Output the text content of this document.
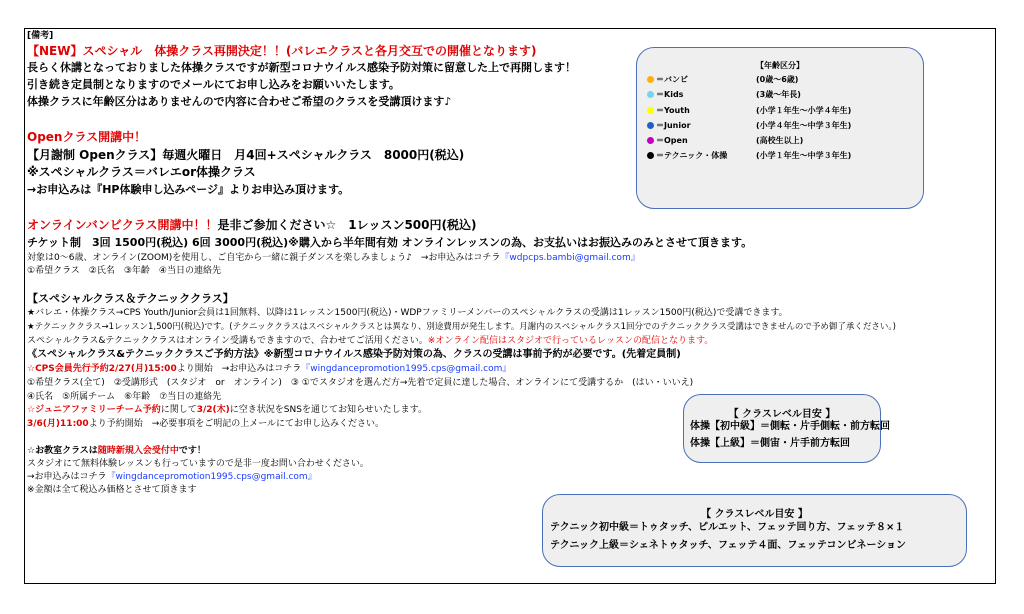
[備考]
【NEW】スペシャル　体操クラス再開決定！！(バレエクラスと各月交互での開催となります)
長らく休講となっておりました体操クラスですが新型コロナウイルス感染予防対策に留意した上で再開します！
引き続き定員制となりますのでメールにてお申し込みをお願いいたします。
体操クラスに年齢区分はありませんので内容に合わせご希望のクラスを受講頂けます♪
Openクラス開講中！
【月謝制 Openクラス】毎週火曜日　月4回+スペシャルクラス　8000円(税込)
※スペシャルクラス＝バレエor体操クラス
→お申込みは『HP体験申し込みページ』よりお申込み頂けます。
オンラインバンビクラス開講中！！是非ご参加ください☆　1レッスン500円(税込)
チケット制　3回 1500円(税込) 6回 3000円(税込)※購入から半年間有効 オンラインレッスンの為、お支払いはお振込みのみとさせて頂きます。
対象は0～6歳、オンライン(ZOOM)を使用し、ご自宅から一緒に親子ダンスを楽しみましょう♪　→お申込みはコチラ『wdpcps.bambi@gmail.com』
①希望クラス　②氏名　③年齢　④当日の連絡先
【スペシャルクラス＆テクニッククラス】
★バレエ・体操クラス→CPS Youth/Junior会員は1回無料、以降は1レッスン1500円(税込)・WDPファミリーメンバーのスペシャルクラスの受講は1レッスン1500円(税込)で受講できます。
★テクニッククラス→1レッスン1,500円(税込)です。(テクニッククラスはスペシャルクラスとは異なり、別途費用が発生します。月謝内のスペシャルクラス1回分でのテクニッククラス受講はできませんので予め御了承ください。)
スペシャルクラス&テクニッククラスはオンライン受講もできますので、合わせてご活用ください。※オンライン配信はスタジオで行っているレッスンの配信となります。
《スペシャルクラス&テクニッククラスご予約方法》※新型コロナウイルス感染予防対策の為、クラスの受講は事前予約が必要です。(先着定員制)
☆CPS会員先行予約2/27(月)15:00より開始　→お申込みはコチラ『wingdancepromotion1995.cps@gmail.com』
①希望クラス(全て)　②受講形式　(スタジオ　or　オンライン)　③ ①でスタジオを選んだ方→先着で定員に達した場合、オンラインにて受講するか　(はい・いいえ)
④氏名　⑤所属チーム　⑥年齢　⑦当日の連絡先
☆ジュニアファミリーチーム予約に関して3/2(木)に空き状況をSNSを通じてお知らせいたします。
3/6(月)11:00より予約開始　→必要事項をご明記の上メールにてお申し込みください。
☆お教室クラスは随時新規入会受付中です！
スタジオにて無料体験レッスンも行っていますので是非一度お問い合わせください。
→お申込みはコチラ『wingdancepromotion1995.cps@gmail.com』
※金額は全て税込み価格とさせて頂きます
【年齢区分】
＝バンビ	(0歳～6歳)
＝Kids	(3歳～年長)
＝Youth	(小学１年生～小学４年生)
＝Junior	(小学４年生～中学３年生)
＝Open	(高校生以上)
＝テクニック・体操	(小学１年生～中学３年生)
【 クラスレベル目安 】
体操【初中級】＝側転・片手側転・前方転回
体操【上級】＝側宙・片手前方転回
【 クラスレベル目安 】
テクニック初中級＝トゥタッチ、ピルエット、フェッテ回り方、フェッテ８×１
テクニック上級＝シェネトゥタッチ、フェッテ４面、フェッテコンビネーション
